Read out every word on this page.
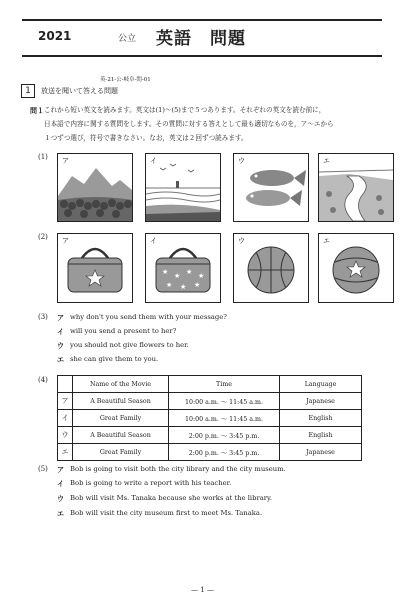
2021	公立 英語　問題
英-21-公-岐阜-問-01
1	放送を聞いて答える問題
問１ これから短い英文を読みます。英文は(1)～(5)まで５つあります。それぞれの英文を読む前に，
日本語で内容に関する質問をします。その質問に対する答えとして最も適切なものを，ア～エから
１つずつ選び，符号で書きなさい。なお，英文は２回ずつ読みます。
(1) ア	イ	ウ	エ
(2) ア	イ
★ ★ ★ ★
★ ★ ★
ウ	エ
(3) ア why don't you send them with your message?
イ will you send a present to her?
ウ you should not give flowers to her.
エ she can give them to you.
(4)
		Name of the Movie	Time	Language
ア	A Beautiful Season	10:00 a.m. ～ 11:45 a.m.	Japanese
イ	Great Family	10:00 a.m. ～ 11:45 a.m.	English
ウ	A Beautiful Season	2:00 p.m. ～ 3:45 p.m.	English
エ	Great Family	2:00 p.m. ～ 3:45 p.m.	Japanese
(5) ア Bob is going to visit both the city library and the city museum.
イ Bob is going to write a report with his teacher.
ウ Bob will visit Ms. Tanaka because she works at the library.
エ Bob will visit the city museum first to meet Ms. Tanaka.
— 1 —
